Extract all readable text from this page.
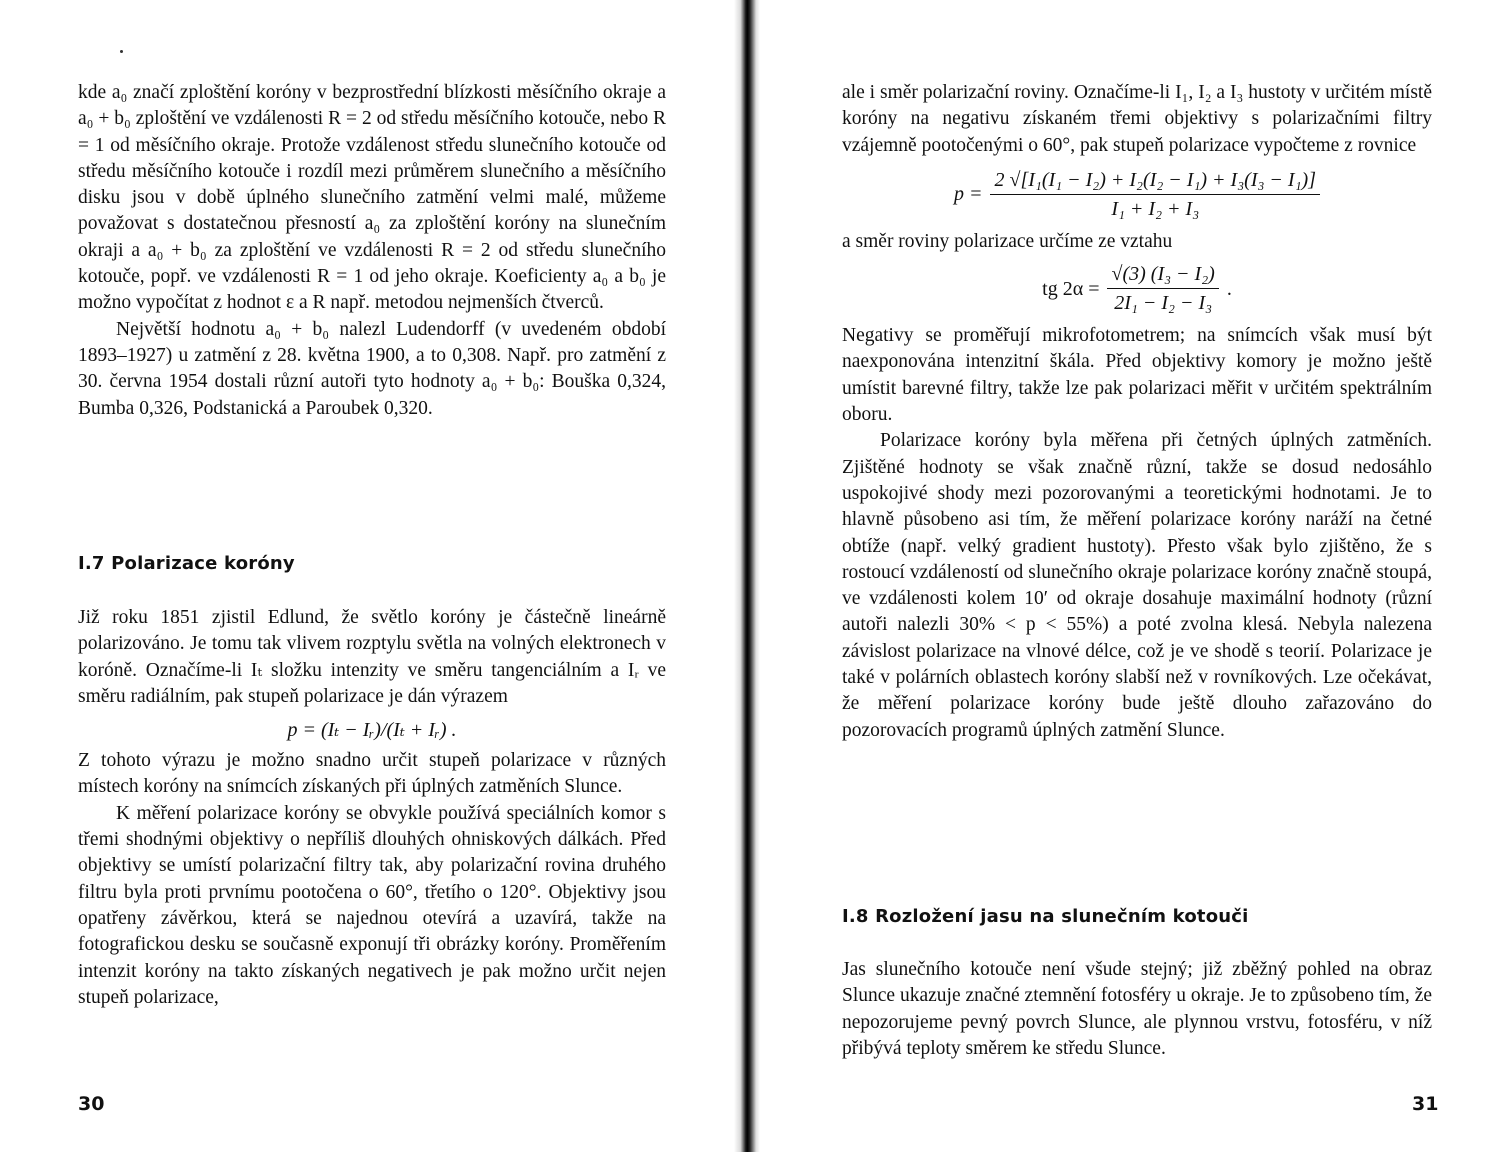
kde a₀ značí zploštění koróny v bezprostřední blízkosti měsíčního okraje a a₀ + b₀ zploštění ve vzdálenosti R = 2 od středu měsíčního kotouče, nebo R = 1 od měsíčního okraje. Protože vzdálenost středu slunečního kotouče od středu měsíčního kotouče i rozdíl mezi průměrem slunečního a měsíčního disku jsou v době úplného slunečního zatmění velmi malé, můžeme považovat s dostatečnou přesností a₀ za zploštění koróny na slunečním okraji a a₀ + b₀ za zploštění ve vzdálenosti R = 2 od středu slunečního kotouče, popř. ve vzdálenosti R = 1 od jeho okraje. Koeficienty a₀ a b₀ je možno vypočítat z hodnot ε a R např. metodou nejmenších čtverců.

Největší hodnotu a₀ + b₀ nalezl Ludendorff (v uvedeném období 1893–1927) u zatmění z 28. května 1900, a to 0,308. Např. pro zatmění z 30. června 1954 dostali různí autoři tyto hodnoty a₀ + b₀: Bouška 0,324, Bumba 0,326, Podstanická a Paroubek 0,320.

I.7 Polarizace koróny

Již roku 1851 zjistil Edlund, že světlo koróny je částečně lineárně polarizováno. Je tomu tak vlivem rozptylu světla na volných elektronech v koróně. Označíme-li Iₜ složku intenzity ve směru tangenciálním a Iᵣ ve směru radiálním, pak stupeň polarizace je dán výrazem

p = (Iₜ − Iᵣ)/(Iₜ + Iᵣ) .

Z tohoto výrazu je možno snadno určit stupeň polarizace v různých místech koróny na snímcích získaných při úplných zatměních Slunce.

K měření polarizace koróny se obvykle používá speciálních komor s třemi shodnými objektivy o nepříliš dlouhých ohniskových dálkách. Před objektivy se umístí polarizační filtry tak, aby polarizační rovina druhého filtru byla proti prvnímu pootočena o 60°, třetího o 120°. Objektivy jsou opatřeny závěrkou, která se najednou otevírá a uzavírá, takže na fotografickou desku se současně exponují tři obrázky koróny. Proměřením intenzit koróny na takto získaných negativech je pak možno určit nejen stupeň polarizace,

30

ale i směr polarizační roviny. Označíme-li I₁, I₂ a I₃ hustoty v určitém místě koróny na negativu získaném třemi objektivy s polarizačními filtry vzájemně pootočenými o 60°, pak stupeň polarizace vypočteme z rovnice

$p = \frac{\text{2 √[I₁(I₁ − I₂) + I₂(I₂ − I₁) + I₃(I₃ − I₁)]}}{\text{I₁ + I₂ + I₃}}$

a směr roviny polarizace určíme ze vztahu

tg $2\alpha = \frac{\text{√(3) (I₃ − I₂)}}{\text{2I₁ − I₂ − I₃}}$ .

Negativy se proměřují mikrofotometrem; na snímcích však musí být naexponována intenzitní škála. Před objektivy komory je možno ještě umístit barevné filtry, takže lze pak polarizaci měřit v určitém spektrálním oboru.

Polarizace koróny byla měřena při četných úplných zatměních. Zjištěné hodnoty se však značně různí, takže se dosud nedosáhlo uspokojivé shody mezi pozorovanými a teoretickými hodnotami. Je to hlavně působeno asi tím, že měření polarizace koróny naráží na četné obtíže (např. velký gradient hustoty). Přesto však bylo zjištěno, že s rostoucí vzdáleností od slunečního okraje polarizace koróny značně stoupá, ve vzdálenosti kolem 10′ od okraje dosahuje maximální hodnoty (různí autoři nalezli 30% < p < 55%) a poté zvolna klesá. Nebyla nalezena závislost polarizace na vlnové délce, což je ve shodě s teorií. Polarizace je také v polárních oblastech koróny slabší než v rovníkových. Lze očekávat, že měření polarizace koróny bude ještě dlouho zařazováno do pozorovacích programů úplných zatmění Slunce.

I.8 Rozložení jasu na slunečním kotouči

Jas slunečního kotouče není všude stejný; již zběžný pohled na obraz Slunce ukazuje značné ztemnění fotosféry u okraje. Je to způsobeno tím, že nepozorujeme pevný povrch Slunce, ale plynnou vrstvu, fotosféru, v níž přibývá teploty směrem ke středu Slunce.

31
